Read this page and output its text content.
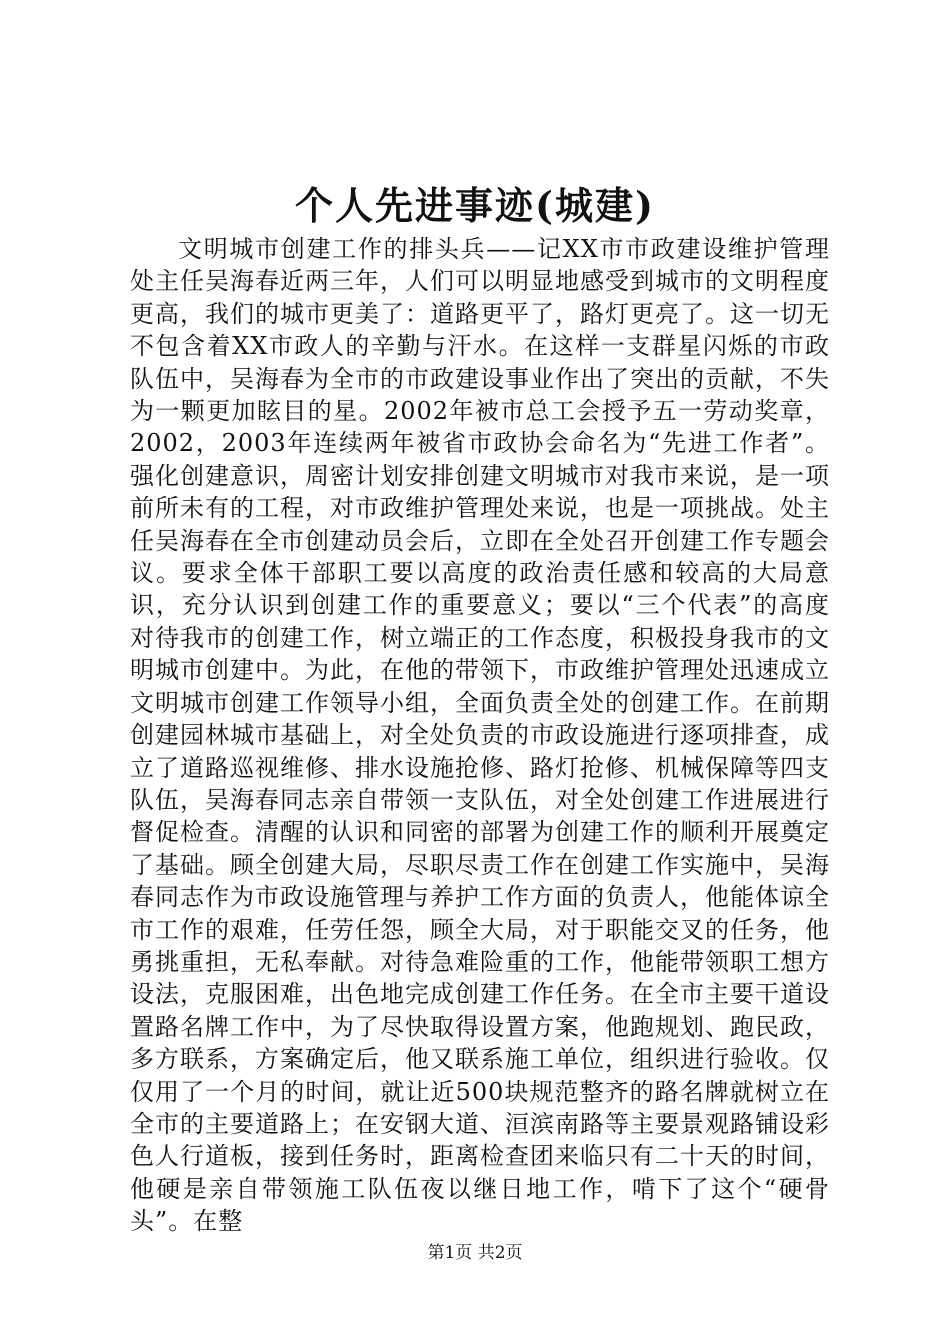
个人先进事迹(城建)
文明城市创建工作的排头兵——记XX市市政建设维护管理处主任吴海春近两三年，人们可以明显地感受到城市的文明程度更高，我们的城市更美了：道路更平了，路灯更亮了。这一切无不包含着XX市政人的辛勤与汗水。在这样一支群星闪烁的市政队伍中，吴海春为全市的市政建设事业作出了突出的贡献，不失为一颗更加眩目的星。2002年被市总工会授予五一劳动奖章，2002，2003年连续两年被省市政协会命名为“先进工作者”。强化创建意识，周密计划安排创建文明城市对我市来说，是一项前所未有的工程，对市政维护管理处来说，也是一项挑战。处主任吴海春在全市创建动员会后，立即在全处召开创建工作专题会议。要求全体干部职工要以高度的政治责任感和较高的大局意识，充分认识到创建工作的重要意义；要以“三个代表”的高度对待我市的创建工作，树立端正的工作态度，积极投身我市的文明城市创建中。为此，在他的带领下，市政维护管理处迅速成立文明城市创建工作领导小组，全面负责全处的创建工作。在前期创建园林城市基础上，对全处负责的市政设施进行逐项排查，成立了道路巡视维修、排水设施抢修、路灯抢修、机械保障等四支队伍，吴海春同志亲自带领一支队伍，对全处创建工作进展进行督促检查。清醒的认识和同密的部署为创建工作的顺利开展奠定了基础。顾全创建大局，尽职尽责工作在创建工作实施中，吴海春同志作为市政设施管理与养护工作方面的负责人，他能体谅全市工作的艰难，任劳任怨，顾全大局，对于职能交叉的任务，他勇挑重担，无私奉献。对待急难险重的工作，他能带领职工想方设法，克服困难，出色地完成创建工作任务。在全市主要干道设置路名牌工作中，为了尽快取得设置方案，他跑规划、跑民政，多方联系，方案确定后，他又联系施工单位，组织进行验收。仅仅用了一个月的时间，就让近500块规范整齐的路名牌就树立在全市的主要道路上；在安钢大道、洹滨南路等主要景观路铺设彩色人行道板，接到任务时，距离检查团来临只有二十天的时间，他硬是亲自带领施工队伍夜以继日地工作，啃下了这个“硬骨头”。在整
第1页 共2页
